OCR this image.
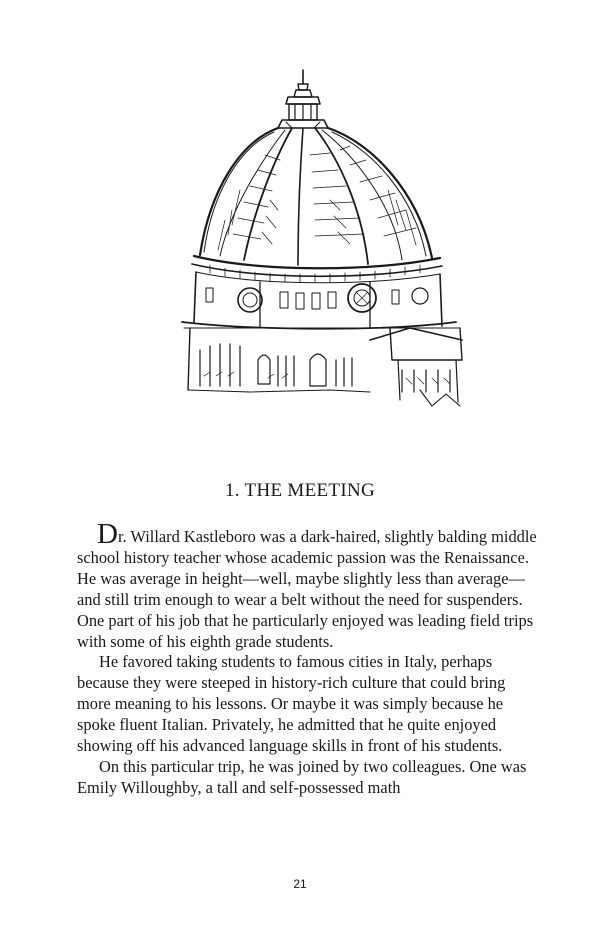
1. THE MEETING

Dr. Willard Kastleboro was a dark-haired, slightly balding middle school history teacher whose academic passion was the Renaissance. He was average in height—well, maybe slightly less than average—and still trim enough to wear a belt without the need for suspenders. One part of his job that he particularly enjoyed was leading field trips with some of his eighth grade students.

He favored taking students to famous cities in Italy, perhaps because they were steeped in history-rich culture that could bring more meaning to his lessons. Or maybe it was simply because he spoke fluent Italian. Privately, he admitted that he quite enjoyed showing off his advanced language skills in front of his students.

On this particular trip, he was joined by two colleagues. One was Emily Willoughby, a tall and self-possessed math

21
